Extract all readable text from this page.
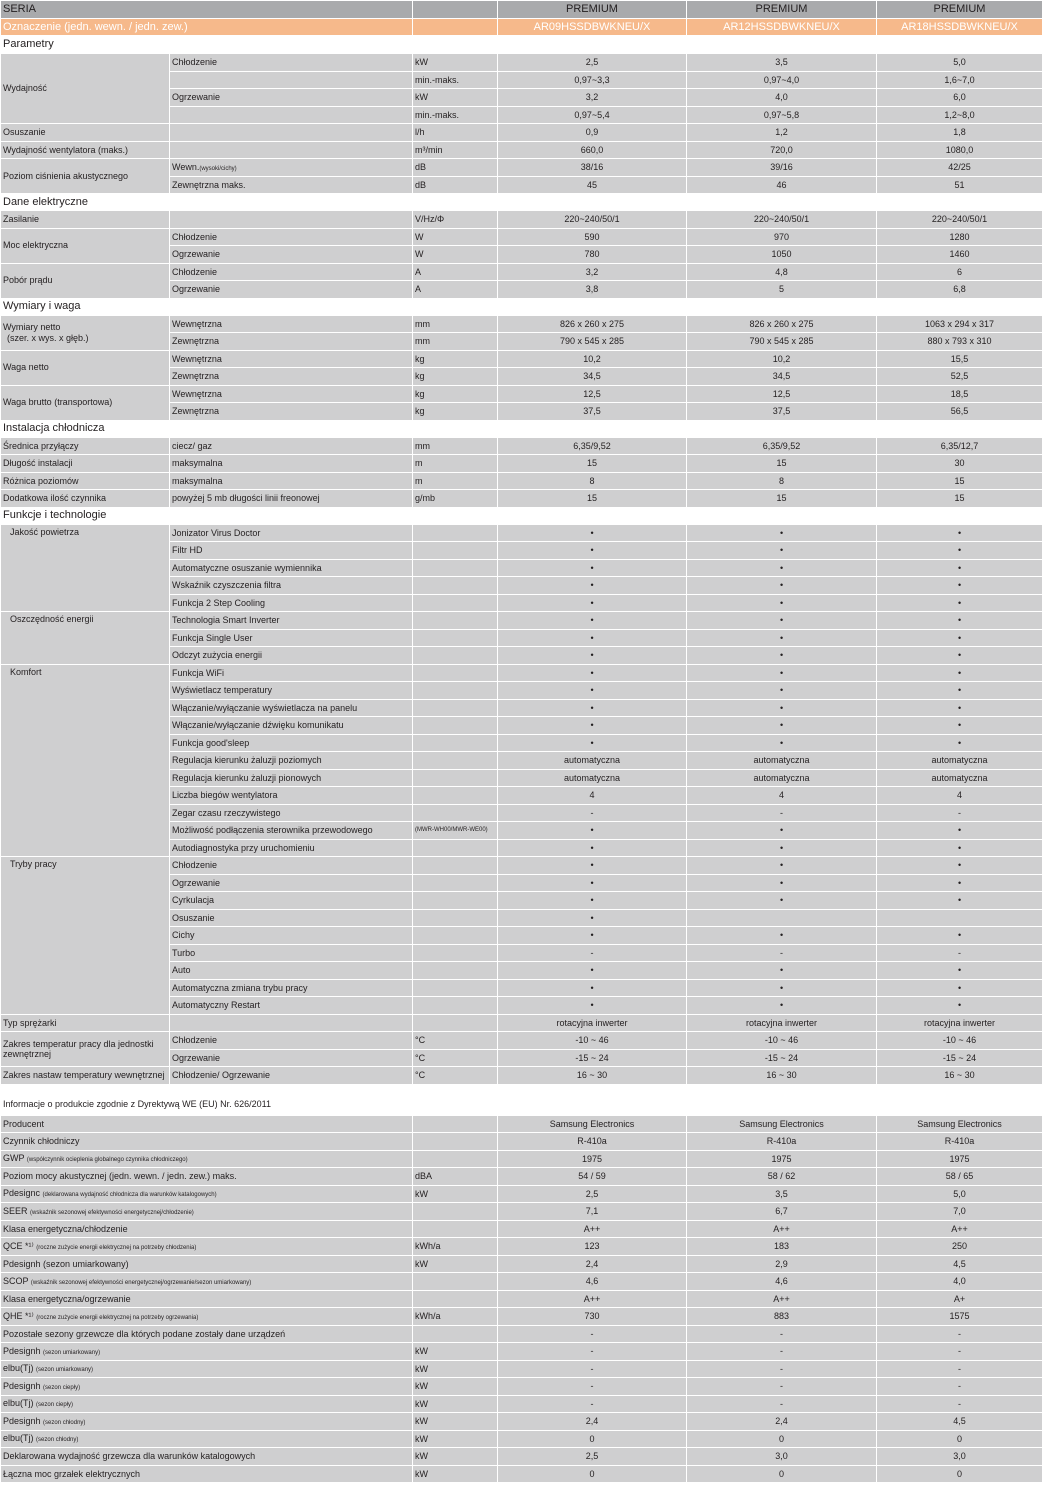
SERIA			PREMIUM	PREMIUM	PREMIUM
Oznaczenie (jedn. wewn. / jedn. zew.)			AR09HSSDBWKNEU/X	AR12HSSDBWKNEU/X	AR18HSSDBWKNEU/X
Parametry					
Wydajność	Chłodzenie	kW	2,5	3,5	5,0
		min.-maks.	0,97~3,3	0,97~4,0	1,6~7,0
	Ogrzewanie	kW	3,2	4,0	6,0
		min.-maks.	0,97~5,4	0,97~5,8	1,2~8,0
Osuszanie		l/h	0,9	1,2	1,8
Wydajność wentylatora (maks.)		m³/min	660,0	720,0	1080,0
Poziom ciśnienia akustycznego	Wewn.(wysoki/cichy)	dB	38/16	39/16	42/25
	Zewnętrzna maks.	dB	45	46	51
Dane elektryczne					
Zasilanie		V/Hz/Φ	220~240/50/1	220~240/50/1	220~240/50/1
Moc elektryczna	Chłodzenie	W	590	970	1280
	Ogrzewanie	W	780	1050	1460
Pobór prądu	Chłodzenie	A	3,2	4,8	6
	Ogrzewanie	A	3,8	5	6,8
Wymiary i waga					
Wymiary netto
(szer. x wys. x głęb.)	Wewnętrzna	mm	826 x 260 x 275	826 x 260 x 275	1063 x 294 x 317
	Zewnętrzna	mm	790 x 545 x 285	790 x 545 x 285	880 x 793 x 310
Waga netto	Wewnętrzna	kg	10,2	10,2	15,5
	Zewnętrzna	kg	34,5	34,5	52,5
Waga brutto (transportowa)	Wewnętrzna	kg	12,5	12,5	18,5
	Zewnętrzna	kg	37,5	37,5	56,5
Instalacja chłodnicza					
Średnica przyłączy	ciecz/ gaz	mm	6,35/9,52	6,35/9,52	6,35/12,7
Długość instalacji	maksymalna	m	15	15	30
Różnica poziomów	maksymalna	m	8	8	15
Dodatkowa ilość czynnika	powyżej 5 mb długości linii freonowej	g/mb	15	15	15
Funkcje i technologie					
Jakość powietrza	Jonizator Virus Doctor		•	•	•
	Filtr HD		•	•	•
	Automatyczne osuszanie wymiennika		•	•	•
	Wskaźnik czyszczenia filtra		•	•	•
	Funkcja 2 Step Cooling		•	•	•
Oszczędność energii	Technologia Smart Inverter		•	•	•
	Funkcja Single User		•	•	•
	Odczyt zużycia energii		•	•	•
Komfort	Funkcja WiFi		•	•	•
	Wyświetlacz temperatury		•	•	•
	Włączanie/wyłączanie wyświetlacza na panelu		•	•	•
	Włączanie/wyłączanie dźwięku komunikatu		•	•	•
	Funkcja good'sleep		•	•	•
	Regulacja kierunku żaluzji poziomych		automatyczna	automatyczna	automatyczna
	Regulacja kierunku żaluzji pionowych		automatyczna	automatyczna	automatyczna
	Liczba biegów wentylatora		4	4	4
	Zegar czasu rzeczywistego		-	-	-
	Możliwość podłączenia sterownika przewodowego	(MWR-WH00/MWR-WE00)	•	•	•
	Autodiagnostyka przy uruchomieniu		•	•	•
Tryby pracy	Chłodzenie		•	•	•
	Ogrzewanie		•	•	•
	Cyrkulacja		•	•	•
	Osuszanie		•		
	Cichy		•	•	•
	Turbo		-	-	-
	Auto		•	•	•
	Automatyczna zmiana trybu pracy		•	•	•
	Automatyczny Restart		•	•	•
Typ sprężarki			rotacyjna inwerter	rotacyjna inwerter	rotacyjna inwerter
Zakres temperatur pracy dla jednostki zewnętrznej	Chłodzenie	°C	-10 ~ 46	-10 ~ 46	-10 ~ 46
	Ogrzewanie	°C	-15 ~ 24	-15 ~ 24	-15 ~ 24
Zakres nastaw temperatury wewnętrznej	Chłodzenie/ Ogrzewanie	°C	16 ~ 30	16 ~ 30	16 ~ 30

Informacje o produkcie zgodnie z Dyrektywą WE (EU) Nr. 626/2011					
Producent			Samsung Electronics	Samsung Electronics	Samsung Electronics
Czynnik chłodniczy			R-410a	R-410a	R-410a
GWP (współczynnik ocieplenia globalnego czynnika chłodniczego)			1975	1975	1975
Poziom mocy akustycznej (jedn. wewn. / jedn. zew.) maks.		dBA	54 / 59	58 / 62	58 / 65
Pdesignc (deklarowana wydajność chłodnicza dla warunków katalogowych)		kW	2,5	3,5	5,0
SEER (wskaźnik sezonowej efektywności energetycznej/chłodzenie)			7,1	6,7	7,0
Klasa energetyczna/chłodzenie			A++	A++	A++
QCE *¹⁾ (roczne zużycie energii elektrycznej na potrzeby chłodzenia)		kWh/a	123	183	250
Pdesignh (sezon umiarkowany)		kW	2,4	2,9	4,5
SCOP (wskaźnik sezonowej efektywności energetycznej/ogrzewanie/sezon umiarkowany)			4,6	4,6	4,0
Klasa energetyczna/ogrzewanie			A++	A++	A+
QHE *¹⁾ (roczne zużycie energii elektrycznej na potrzeby ogrzewania)		kWh/a	730	883	1575
Pozostałe sezony grzewcze dla których podane zostały dane urządzeń			-	-	-
Pdesignh (sezon umiarkowany)		kW	-	-	-
elbu(Tj) (sezon umiarkowany)		kW	-	-	-
Pdesignh (sezon ciepły)		kW	-	-	-
elbu(Tj) (sezon ciepły)		kW	-	-	-
Pdesignh (sezon chłodny)		kW	2,4	2,4	4,5
elbu(Tj) (sezon chłodny)		kW	0	0	0
Deklarowana wydajność grzewcza dla warunków katalogowych		kW	2,5	3,0	3,0
Łączna moc grzałek elektrycznych		kW	0	0	0
